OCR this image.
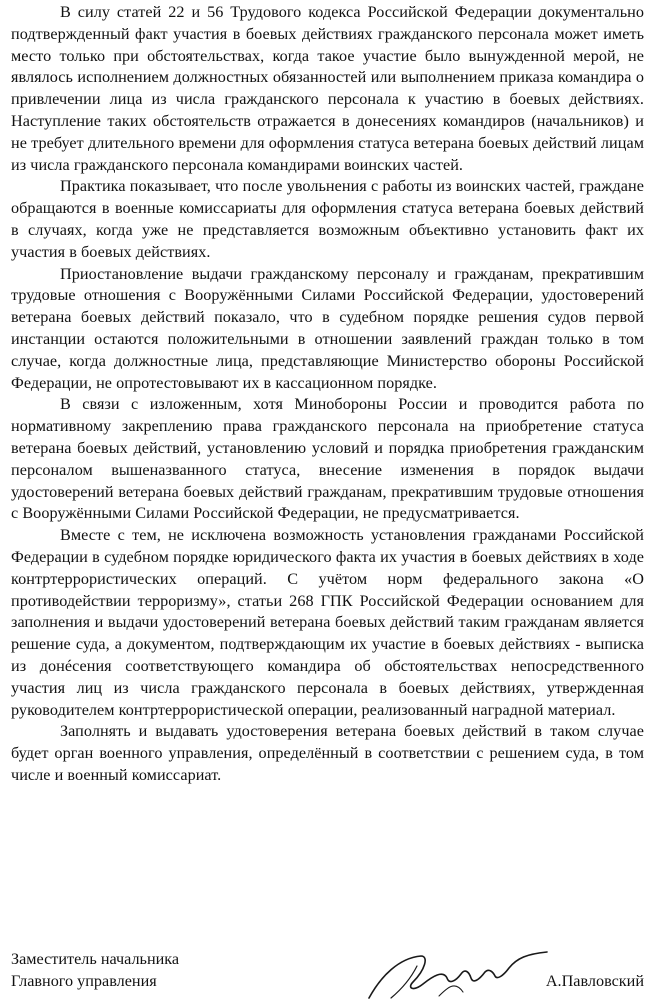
В силу статей 22 и 56 Трудового кодекса Российской Федерации документально подтвержденный факт участия в боевых действиях гражданского персонала может иметь место только при обстоятельствах, когда такое участие было вынужденной мерой, не являлось исполнением должностных обязанностей или выполнением приказа командира о привлечении лица из числа гражданского персонала к участию в боевых действиях. Наступление таких обстоятельств отражается в донесениях командиров (начальников) и не требует длительного времени для оформления статуса ветерана боевых действий лицам из числа гражданского персонала командирами воинских частей.

Практика показывает, что после увольнения с работы из воинских частей, граждане обращаются в военные комиссариаты для оформления статуса ветерана боевых действий в случаях, когда уже не представляется возможным объективно установить факт их участия в боевых действиях.

Приостановление выдачи гражданскому персоналу и гражданам, прекратившим трудовые отношения с Вооружёнными Силами Российской Федерации, удостоверений ветерана боевых действий показало, что в судебном порядке решения судов первой инстанции остаются положительными в отношении заявлений граждан только в том случае, когда должностные лица, представляющие Министерство обороны Российской Федерации, не опротестовывают их в кассационном порядке.

В связи с изложенным, хотя Минобороны России и проводится работа по нормативному закреплению права гражданского персонала на приобретение статуса ветерана боевых действий, установлению условий и порядка приобретения гражданским персоналом вышеназванного статуса, внесение изменения в порядок выдачи удостоверений ветерана боевых действий гражданам, прекратившим трудовые отношения с Вооружёнными Силами Российской Федерации, не предусматривается.

Вместе с тем, не исключена возможность установления гражданами Российской Федерации в судебном порядке юридического факта их участия в боевых действиях в ходе контртеррористических операций. С учётом норм федерального закона «О противодействии терроризму», статьи 268 ГПК Российской Федерации основанием для заполнения и выдачи удостоверений ветерана боевых действий таким гражданам является решение суда, а документом, подтверждающим их участие в боевых действиях - выписка из донéсения соответствующего командира об обстоятельствах непосредственного участия лиц из числа гражданского персонала в боевых действиях, утвержденная руководителем контртеррористической операции, реализованный наградной материал.

Заполнять и выдавать удостоверения ветерана боевых действий в таком случае будет орган военного управления, определённый в соответствии с решением суда, в том числе и военный комиссариат.

Заместитель начальника
Главного управления	А.Павловский
